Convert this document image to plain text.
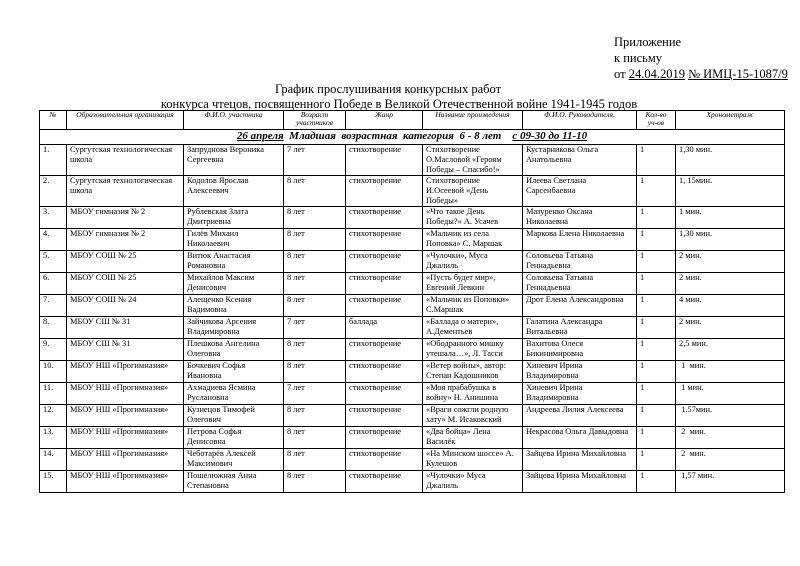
Приложение
к письму
от 24.04.2019 № ИМЦ-15-1087/9
График прослушивания конкурсных работ
конкурса чтецов, посвященного Победе в Великой Отечественной войне 1941-1945 годов
№	Образовательная организация	Ф.И.О. участника	Возраст участников	Жанр	Название произведения	Ф.И.О. Руководителя,	Кол-во уч-ов	Хронометраж
26 апреля  Младшая  возрастная  категория  6 - 8 лет    с 09-30 до 11-10								
1.	Сургутская технологическая школа	Запруднова Вероника Сергеевна	7 лет	стихотворение	Стихотворение О.Масловой «Героям Победы – Спасибо!»	Кустарникова Ольга Анатольевна	1	1,30 мин.
2.	Сургутская технологическая школа	Кодолов Ярослав Алексеевич	8 лет	стихотворение	Стихотворение И.Осеевой «День Победы»	Илеева Светлана Сарсенбаевна	1	1, 15мин.
3.	МБОУ гимназия № 2	Рублевская Злата Дмитриевна	8 лет	стихотворение	«Что такое День Победы?» А. Усачев	Мазуренко Оксана Николаевна	1	1 мин.
4.	МБОУ гимназия № 2	Гилёв Михаил Николаевич	8 лет	стихотворение	«Мальчик из села Поповка» С. Маршак	Маркова Елена Николаевна	1	1,30 мин.
5.	МБОУ СОШ № 25	Витюк Анастасия Романовна	8 лет	стихотворение	«Чулочки», Муса Джалиль	Соловьева Татьяна Геннадьевна	1	2 мин.
6.	МБОУ СОШ № 25	Михайлов Максим Денисович	8 лет	стихотворение	«Пусть будет мир», Евгений Левкин	Соловьева Татьяна Геннадьевна	1	2 мин.
7.	МБОУ СОШ № 24	Алещенко Ксения Вадимовна	8 лет	стихотворение	«Мальчик из Поповки» С.Маршак	Дрот Елена Александровна	1	4 мин.
8.	МБОУ СШ № 31	Зайчикова Арсения Владимировна	7 лет	баллада	«Баллада о матери», А.Дементьев	Галатина Александра Витальевна	1	2 мин.
9.	МБОУ СШ № 31	Плешкова Ангелина Олеговна	8 лет	стихотворение	«Ободранного мишку утешала…», Л. Тасси	Вахитова Олеся Бикинимировна	1	2,5 мин.
10.	МБОУ НШ «Прогимназия»	Бочкевич Софья Ивановна	8 лет	стихотворение	«Ветер войны», автор: Степан Кадошников	Хиневич Ирина Владимировна	1	1  мин.
11.	МБОУ НШ «Прогимназия»	Ахмадиева Ясмина Руслановна	7 лет	стихотворение	«Моя прабабушка в войну» Н. Анишина	Хиневич Ирина Владимировна	1	1 мин.
12.	МБОУ НШ «Прогимназия»	Кузнецов Тимофей Олегович	8 лет	стихотворение	«Враги сожгли родную хату» М. Исаковский	Андреева Лилия Алексеева	1	1.57мин.
13.	МБОУ НШ «Прогимназия»	Петрова Софья Денисовна	8 лет	стихотворение	«Два бойца» Лена Василёк	Некрасова Ольга Давыдовна	1	2  мин.
14.	МБОУ НШ «Прогимназия»	Чеботарёв Алексей Максимович	8 лет	стихотворение	«На Минском шоссе» А. Кулешов	Зайцева Ирина Михайловна	1	2  мин.
15.	МБОУ НШ «Прогимназия»	Пошелюжная Анна Степановна	8 лет	стихотворение	«Чулочки» Муса Джалиль	Зайцева Ирина Михайловна	1	1,57 мин.
